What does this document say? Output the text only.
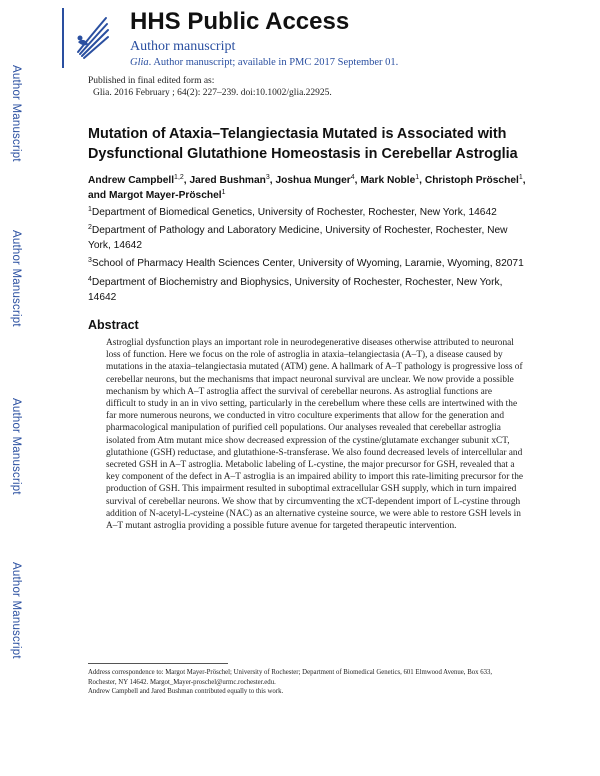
Author Manuscript
Author Manuscript
Author Manuscript
Author Manuscript
HHS Public Access
Author manuscript
Glia. Author manuscript; available in PMC 2017 September 01.
Published in final edited form as:
Glia. 2016 February ; 64(2): 227–239. doi:10.1002/glia.22925.
Mutation of Ataxia–Telangiectasia Mutated is Associated with Dysfunctional Glutathione Homeostasis in Cerebellar Astroglia
Andrew Campbell$^{1,2}$, Jared Bushman$^3$, Joshua Munger$^4$, Mark Noble$^1$, Christoph Pröschel$^1$, and Margot Mayer-Pröschel$^1$
$^1$Department of Biomedical Genetics, University of Rochester, Rochester, New York, 14642
$^2$Department of Pathology and Laboratory Medicine, University of Rochester, Rochester, New York, 14642
$^3$School of Pharmacy Health Sciences Center, University of Wyoming, Laramie, Wyoming, 82071
$^4$Department of Biochemistry and Biophysics, University of Rochester, Rochester, New York, 14642
Abstract
Astroglial dysfunction plays an important role in neurodegenerative diseases otherwise attributed to neuronal loss of function. Here we focus on the role of astroglia in ataxia–telangiectasia (A–T), a disease caused by mutations in the ataxia–telangiectasia mutated (ATM) gene. A hallmark of A–T pathology is progressive loss of cerebellar neurons, but the mechanisms that impact neuronal survival are unclear. We now provide a possible mechanism by which A–T astroglia affect the survival of cerebellar neurons. As astroglial functions are difficult to study in an in vivo setting, particularly in the cerebellum where these cells are intertwined with the far more numerous neurons, we conducted in vitro coculture experiments that allow for the generation and pharmacological manipulation of purified cell populations. Our analyses revealed that cerebellar astroglia isolated from Atm mutant mice show decreased expression of the cystine/glutamate exchanger subunit xCT, glutathione (GSH) reductase, and glutathione-S-transferase. We also found decreased levels of intercellular and secreted GSH in A–T astroglia. Metabolic labeling of L-cystine, the major precursor for GSH, revealed that a key component of the defect in A–T astroglia is an impaired ability to import this rate-limiting precursor for the production of GSH. This impairment resulted in suboptimal extracellular GSH supply, which in turn impaired survival of cerebellar neurons. We show that by circumventing the xCT-dependent import of L-cystine through addition of N-acetyl-L-cysteine (NAC) as an alternative cysteine source, we were able to restore GSH levels in A–T mutant astroglia providing a possible future avenue for targeted therapeutic intervention.
Address correspondence to: Margot Mayer-Pröschel; University of Rochester; Department of Biomedical Genetics, 601 Elmwood Avenue, Box 633, Rochester, NY 14642. Margot_Mayer-proschel@urmc.rochester.edu.
Andrew Campbell and Jared Bushman contributed equally to this work.
